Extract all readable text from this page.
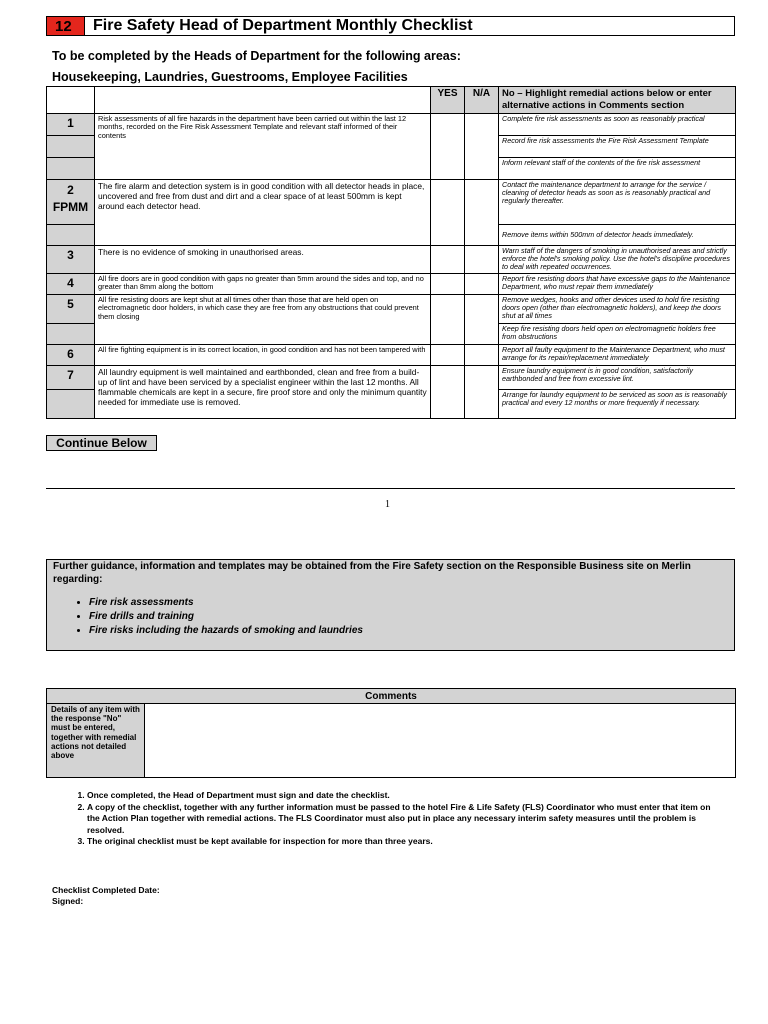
12	Fire Safety Head of Department Monthly Checklist
To be completed by the Heads of Department for the following areas:
Housekeeping, Laundries, Guestrooms, Employee Facilities
		YES	N/A	No – Highlight remedial actions below or enter alternative actions in Comments section
1	Risk assessments of all fire hazards in the department have been carried out within the last 12 months, recorded on the Fire Risk Assessment Template and relevant staff informed of their contents			Complete fire risk assessments as soon as reasonably practical
				Record fire risk assessments the Fire Risk Assessment Template
				Inform relevant staff of the contents of the fire risk assessment
2
FPMM	The fire alarm and detection system is in good condition with all detector heads in place, uncovered and free from dust and dirt and a clear space of at least 500mm is kept around each detector head.			Contact the maintenance department to arrange for the service / cleaning of detector heads as soon as is reasonably practical and regularly thereafter.
				Remove items within 500mm of detector heads immediately.
3	There is no evidence of smoking in unauthorised areas.			Warn staff of the dangers of smoking in unauthorised areas and strictly enforce the hotel's smoking policy. Use the hotel's discipline procedures to deal with repeated occurrences.
4	All fire doors are in good condition with gaps no greater than 5mm around the sides and top, and no greater than 8mm along the bottom			Report fire resisting doors that have excessive gaps to the Maintenance Department, who must repair them immediately
5	All fire resisting doors are kept shut at all times other than those that are held open on electromagnetic door holders, in which case they are free from any obstructions that could prevent them closing			Remove wedges, hooks and other devices used to hold fire resisting doors open (other than electromagnetic holders), and keep the doors shut at all times
				Keep fire resisting doors held open on electromagnetic holders free from obstructions
6	All fire fighting equipment is in its correct location, in good condition and has not been tampered with			Report all faulty equipment to the Maintenance Department, who must arrange for its repair/replacement immediately
7	All laundry equipment is well maintained and earthbonded, clean and free from a build-up of lint and have been serviced by a specialist engineer within the last 12 months. All flammable chemicals are kept in a secure, fire proof store and only the minimum quantity needed for immediate use is removed.			Ensure laundry equipment is in good condition, satisfactorily earthbonded and free from excessive lint.
				Arrange for laundry equipment to be serviced as soon as is reasonably practical and every 12 months or more frequently if necessary.
Continue Below
1
Further guidance, information and templates may be obtained from the Fire Safety section on the Responsible Business site on Merlin regarding:
• Fire risk assessments
• Fire drills and training
• Fire risks including the hazards of smoking and laundries
Comments
Details of any item with the response "No" must be entered, together with remedial actions not detailed above	
1. Once completed, the Head of Department must sign and date the checklist.
2. A copy of the checklist, together with any further information must be passed to the hotel Fire & Life Safety (FLS) Coordinator who must enter that item on the Action Plan together with remedial actions. The FLS Coordinator must also put in place any necessary interim safety measures until the problem is resolved.
3. The original checklist must be kept available for inspection for more than three years.
Checklist Completed Date:
Signed:
